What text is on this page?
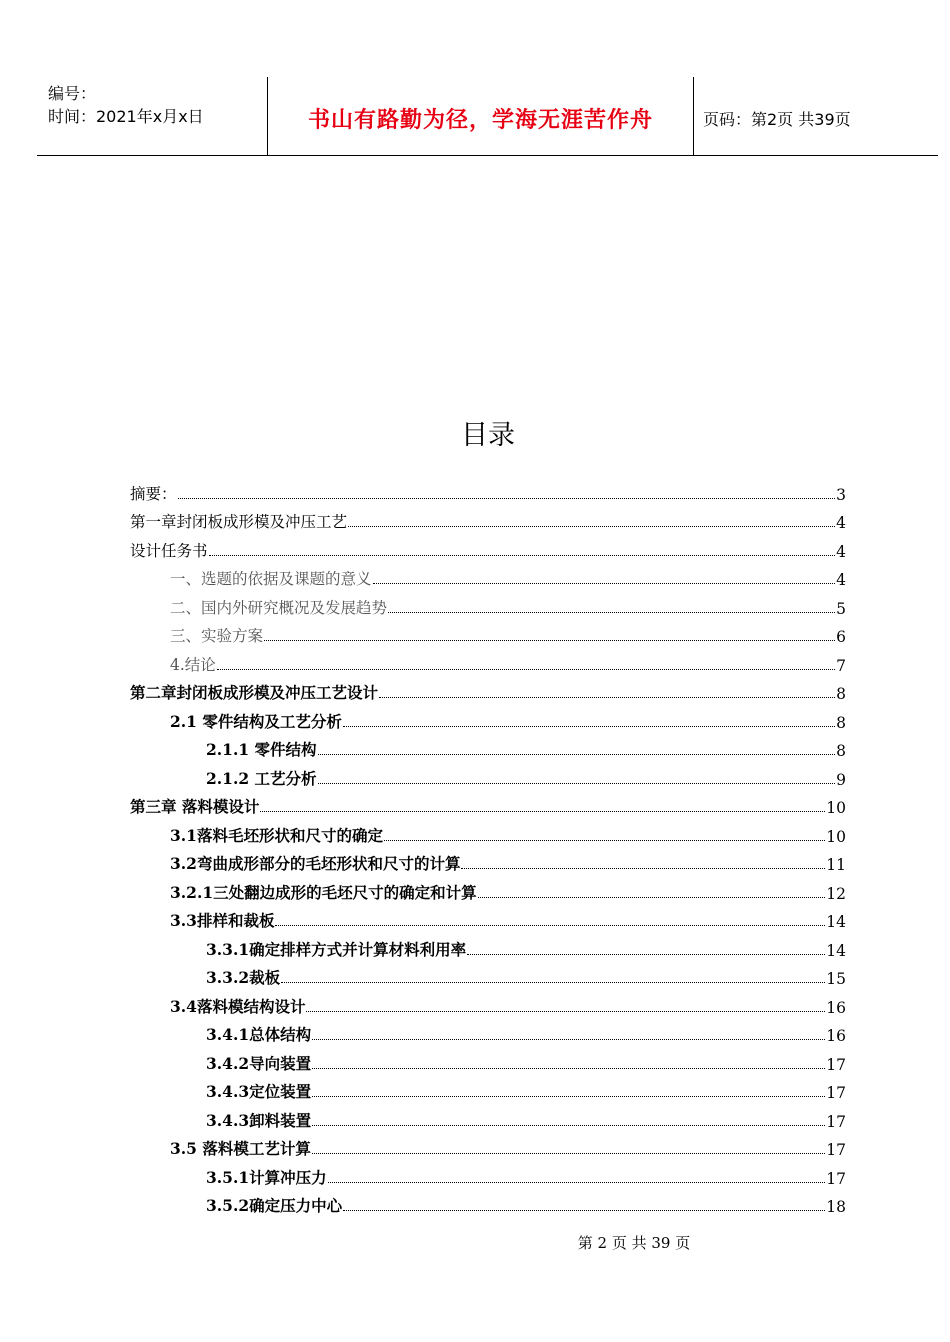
编号：
时间：2021年x月x日	书山有路勤为径，学海无涯苦作舟	页码：第2页 共39页
目录
摘要：	3
第一章封闭板成形模及冲压工艺	4
设计任务书	4
一、选题的依据及课题的意义	4
二、国内外研究概况及发展趋势	5
三、实验方案	6
4.结论	7
第二章封闭板成形模及冲压工艺设计	8
2.1 零件结构及工艺分析	8
2.1.1 零件结构	8
2.1.2 工艺分析	9
第三章 落料模设计	10
3.1落料毛坯形状和尺寸的确定	10
3.2弯曲成形部分的毛坯形状和尺寸的计算	11
3.2.1三处翻边成形的毛坯尺寸的确定和计算	12
3.3排样和裁板	14
3.3.1确定排样方式并计算材料利用率	14
3.3.2裁板	15
3.4落料模结构设计	16
3.4.1总体结构	16
3.4.2导向装置	17
3.4.3定位装置	17
3.4.3卸料装置	17
3.5 落料模工艺计算	17
3.5.1计算冲压力	17
3.5.2确定压力中心	18
第 2 页 共 39 页
